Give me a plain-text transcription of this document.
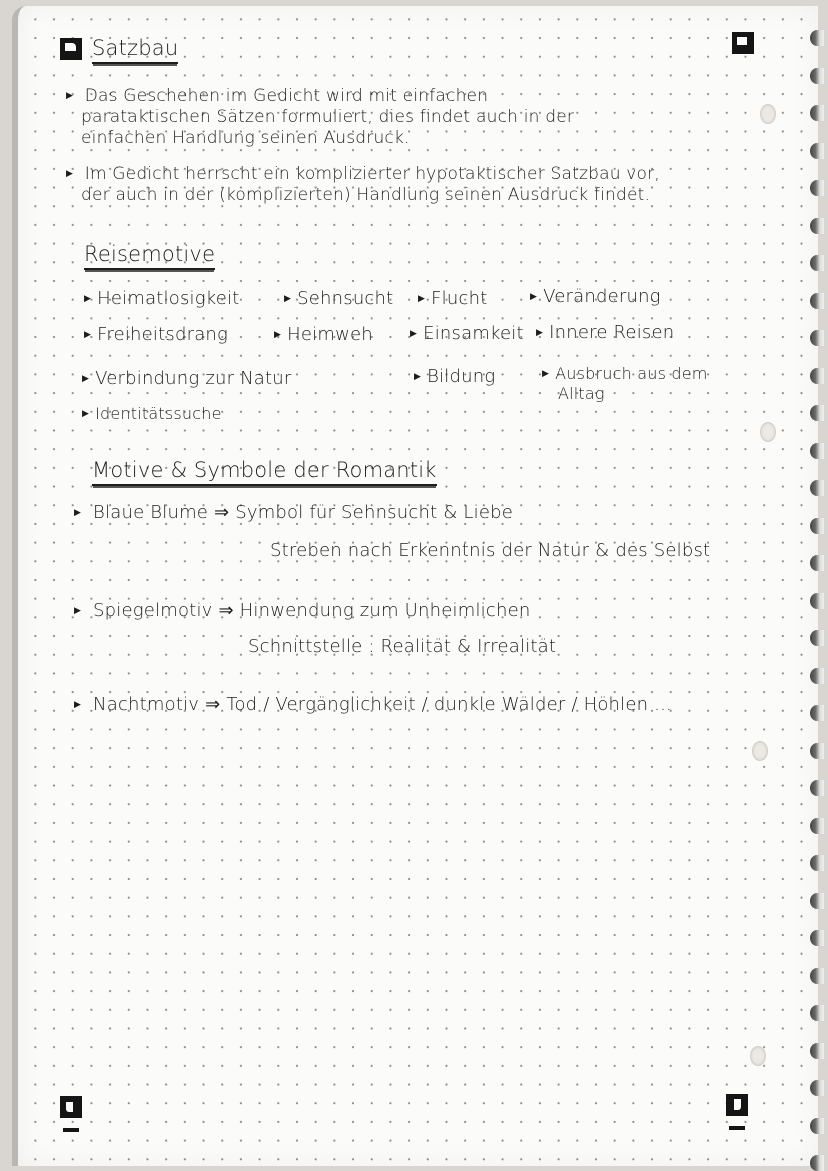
Satzbau
▶ Das Geschehen im Gedicht wird mit einfachen
parataktischen Sätzen formuliert, dies findet auch in der
einfachen Handlung seinen Ausdruck.
▶ Im Gedicht herrscht ein komplizierter hypotaktischer Satzbau vor,
der auch in der (komplizierten) Handlung seinen Ausdruck findet.
Reisemotive
▶ Heimatlosigkeit	▶ Sehnsucht	▶ Flucht	▶ Veränderung
▶ Freiheitsdrang	▶ Heimweh	▶ Einsamkeit	▶ Innere Reisen
▶ Verbindung zur Natur	▶ Bildung	▶ Ausbruch aus dem
Alltag
▶ Identitätssuche
Motive & Symbole der Romantik
▶ Blaue Blume ⇒ Symbol für Sehnsucht & Liebe
Streben nach Erkenntnis der Natur & des Selbst
▶ Spiegelmotiv ⇒ Hinwendung zum Unheimlichen
Schnittstelle : Realität & Irrealität
▶ Nachtmotiv ⇒ Tod / Vergänglichkeit / dunkle Wälder / Höhlen ...
